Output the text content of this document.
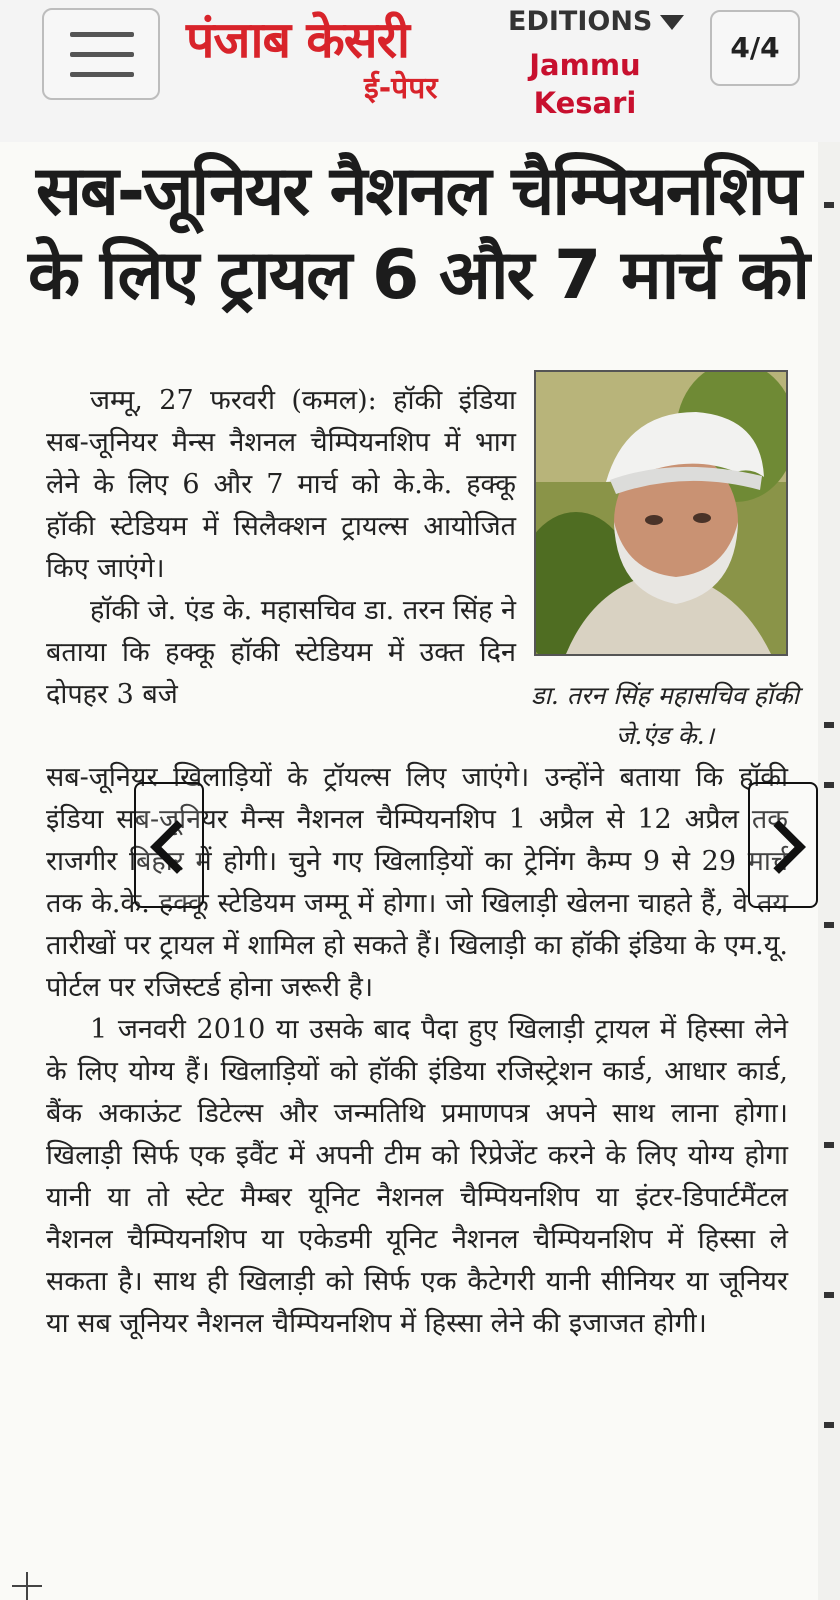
पंजाब केसरी
ई-पेपर
EDITIONS
Jammu Kesari
4/4
सब-जूनियर नैशनल चैम्पियनशिप के लिए ट्रायल 6 और 7 मार्च को

जम्मू, 27 फरवरी (कमल): हॉकी इंडिया सब-जूनियर मैन्स नैशनल चैम्पियनशिप में भाग लेने के लिए 6 और 7 मार्च को के.के. हक्कू हॉकी स्टेडियम में सिलैक्शन ट्रायल्स आयोजित किए जाएंगे।

हॉकी जे. एंड के. महासचिव डा. तरन सिंह ने बताया कि हक्कू हॉकी स्टेडियम में उक्त दिन दोपहर 3 बजे	डा. तरन सिंह महासचिव हॉकी जे.एंड के.।

सब-जूनियर खिलाड़ियों के ट्रॉयल्स लिए जाएंगे। उन्होंने बताया कि हॉकी इंडिया सब-जूनियर मैन्स नैशनल चैम्पियनशिप 1 अप्रैल से 12 अप्रैल तक राजगीर बिहार में होगी। चुने गए खिलाड़ियों का ट्रेनिंग कैम्प 9 से 29 मार्च तक के.के. हक्कू स्टेडियम जम्मू में होगा। जो खिलाड़ी खेलना चाहते हैं, वे तय तारीखों पर ट्रायल में शामिल हो सकते हैं। खिलाड़ी का हॉकी इंडिया के एम.यू. पोर्टल पर रजिस्टर्ड होना जरूरी है।

1 जनवरी 2010 या उसके बाद पैदा हुए खिलाड़ी ट्रायल में हिस्सा लेने के लिए योग्य हैं। खिलाड़ियों को हॉकी इंडिया रजिस्ट्रेशन कार्ड, आधार कार्ड, बैंक अकाऊंट डिटेल्स और जन्मतिथि प्रमाणपत्र अपने साथ लाना होगा। खिलाड़ी सिर्फ एक इवैंट में अपनी टीम को रिप्रेजेंट करने के लिए योग्य होगा यानी या तो स्टेट मैम्बर यूनिट नैशनल चैम्पियनशिप या इंटर-डिपार्टमैंटल नैशनल चैम्पियनशिप या एकेडमी यूनिट नैशनल चैम्पियनशिप में हिस्सा ले सकता है। साथ ही खिलाड़ी को सिर्फ एक कैटेगरी यानी सीनियर या जूनियर या सब जूनियर नैशनल चैम्पियनशिप में हिस्सा लेने की इजाजत होगी।
